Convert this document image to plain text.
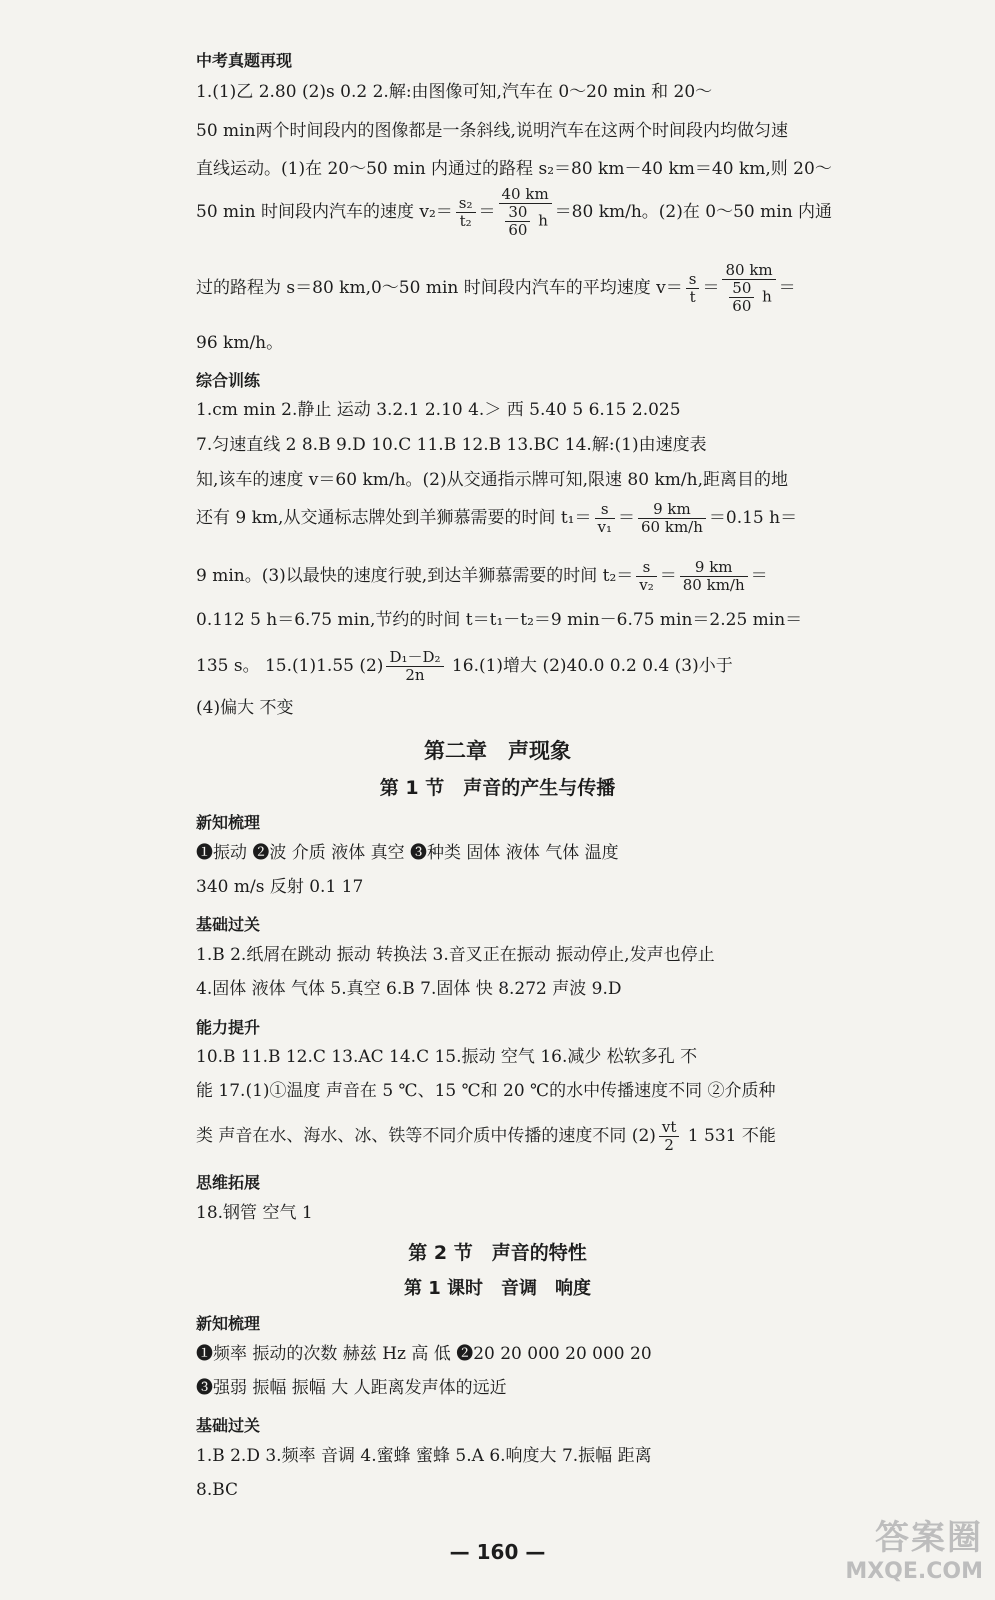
中考真题再现
1.(1)乙 2.80 (2)s 0.2 2.解:由图像可知,汽车在 0～20 min 和 20～
50 min两个时间段内的图像都是一条斜线,说明汽车在这两个时间段内均做匀速
直线运动。(1)在 20～50 min 内通过的路程 s₂＝80 km－40 km＝40 km,则 20～
50 min 时间段内汽车的速度 $v_2= \frac{\text{s₂}}{\text{t₂}} = \frac{40 km}{\frac{30}{60} h} =80$ km/h。(2)在 0～50 min 内通
过的路程为 s＝80 km,0～50 min 时间段内汽车的平均速度 $v= \frac{s}{t} = \frac{80 km}{\frac{50}{60} h}$ ＝
96 km/h。
综合训练
1.cm min 2.静止 运动 3.2.1 2.10 4.＞ 西 5.40 5 6.15 2.025
7.匀速直线 2 8.B 9.D 10.C 11.B 12.B 13.BC 14.解:(1)由速度表
知,该车的速度 v＝60 km/h。(2)从交通指示牌可知,限速 80 km/h,距离目的地
还有 9 km,从交通标志牌处到羊狮慕需要的时间 $t_1= \frac{s}{\text{v₁}} = \frac{9 km}{60 km/h} =0.15$ h＝
9 min。(3)以最快的速度行驶,到达羊狮慕需要的时间 $t_2= \frac{s}{\text{v₂}} = \frac{9 km}{80 km/h}$ ＝
0.112 5 h＝6.75 min,节约的时间 t＝t₁－t₂＝9 min－6.75 min＝2.25 min＝
135 s。 15.(1)1.55 $(2) \frac{\text{D₁－D₂}}{2n} 16.(1)$增大 (2)40.0 0.2 0.4 (3)小于
(4)偏大 不变
第二章　声现象
第 1 节　声音的产生与传播
新知梳理
❶振动 ❷波 介质 液体 真空 ❸种类 固体 液体 气体 温度
340 m/s 反射 0.1 17
基础过关
1.B 2.纸屑在跳动 振动 转换法 3.音叉正在振动 振动停止,发声也停止
4.固体 液体 气体 5.真空 6.B 7.固体 快 8.272 声波 9.D
能力提升
10.B 11.B 12.C 13.AC 14.C 15.振动 空气 16.减少 松软多孔 不
能 17.(1)①温度 声音在 5 ℃、15 ℃和 20 ℃的水中传播速度不同 ②介质种
类 声音在水、海水、冰、铁等不同介质中传播的速度不同 $(2) \frac{vt}{2} 1$ 531 不能
思维拓展
18.钢管 空气 1
第 2 节　声音的特性
第 1 课时　音调　响度
新知梳理
❶频率 振动的次数 赫兹 Hz 高 低 ❷20 20 000 20 000 20
❸强弱 振幅 振幅 大 人距离发声体的远近
基础过关
1.B 2.D 3.频率 音调 4.蜜蜂 蜜蜂 5.A 6.响度大 7.振幅 距离
8.BC
— 160 —	答案圈
MXQE.COM
